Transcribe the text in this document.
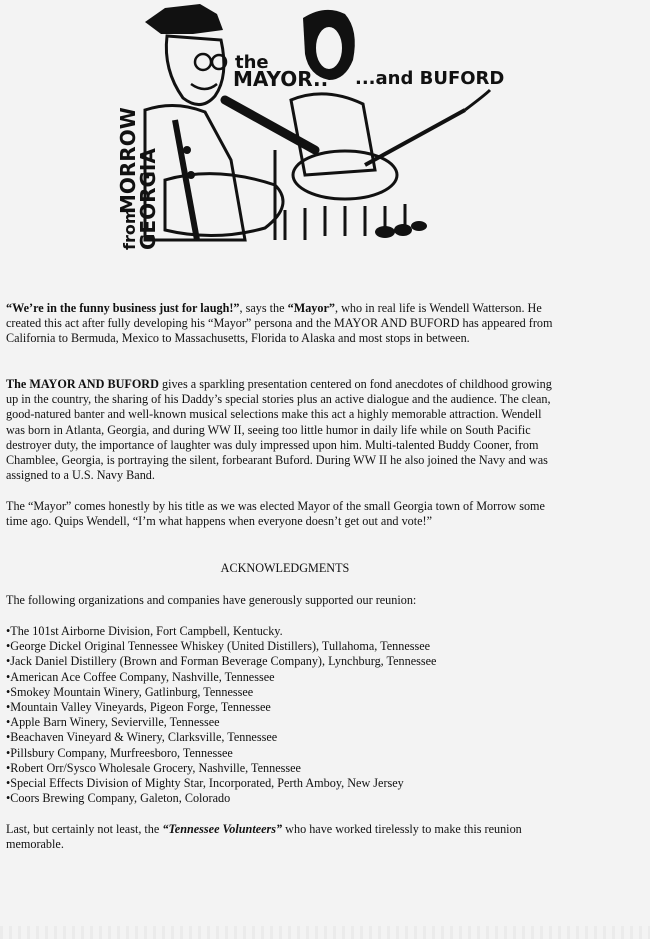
the
MAYOR.. ...and BUFORD
from
MORROW
GEORGIA

“We’re in the funny business just for laugh!”, says the “Mayor”, who in real life is Wendell Watterson. He created this act after fully developing his “Mayor” persona and the MAYOR AND BUFORD has appeared from California to Bermuda, Mexico to Massachusetts, Florida to Alaska and most stops in between.

The MAYOR AND BUFORD gives a sparkling presentation centered on fond anecdotes of childhood growing up in the country, the sharing of his Daddy’s special stories plus an active dialogue and the audience. The clean, good-natured banter and well-known musical selections make this act a highly memorable attraction. Wendell was born in Atlanta, Georgia, and during WW II, seeing too little humor in daily life while on South Pacific destroyer duty, the importance of laughter was duly impressed upon him. Multi-talented Buddy Cooner, from Chamblee, Georgia, is portraying the silent, forbearant Buford. During WW II he also joined the Navy and was assigned to a U.S. Navy Band.

The “Mayor” comes honestly by his title as we was elected Mayor of the small Georgia town of Morrow some time ago. Quips Wendell, “I’m what happens when everyone doesn’t get out and vote!”

ACKNOWLEDGMENTS

The following organizations and companies have generously supported our reunion:

•The 101st Airborne Division, Fort Campbell, Kentucky.
•George Dickel Original Tennessee Whiskey (United Distillers), Tullahoma, Tennessee
•Jack Daniel Distillery (Brown and Forman Beverage Company), Lynchburg, Tennessee
•American Ace Coffee Company, Nashville, Tennessee
•Smokey Mountain Winery, Gatlinburg, Tennessee
•Mountain Valley Vineyards, Pigeon Forge, Tennessee
•Apple Barn Winery, Sevierville, Tennessee
•Beachaven Vineyard & Winery, Clarksville, Tennessee
•Pillsbury Company, Murfreesboro, Tennessee
•Robert Orr/Sysco Wholesale Grocery, Nashville, Tennessee
•Special Effects Division of Mighty Star, Incorporated, Perth Amboy, New Jersey
•Coors Brewing Company, Galeton, Colorado

Last, but certainly not least, the “Tennessee Volunteers” who have worked tirelessly to make this reunion memorable.
